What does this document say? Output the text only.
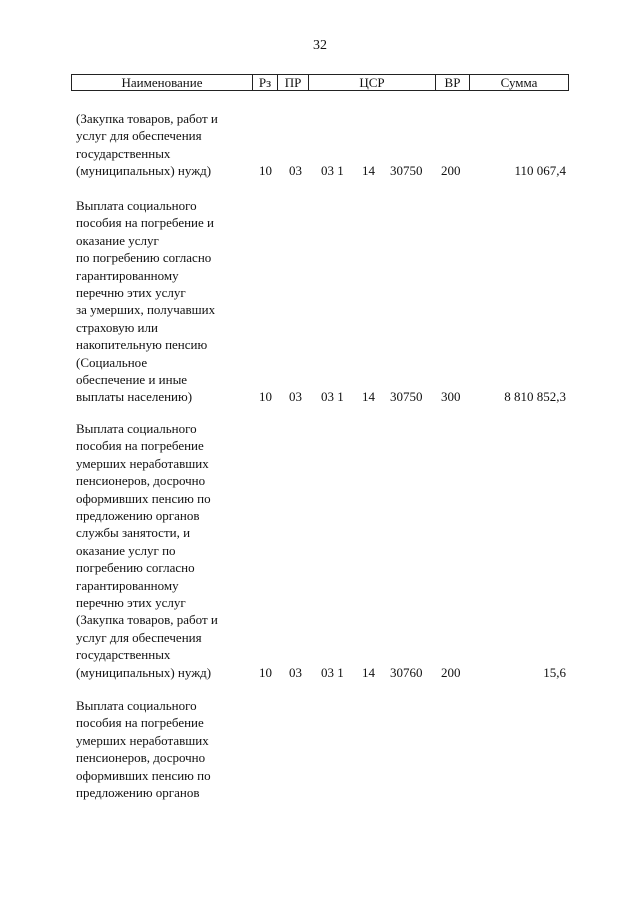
32
Наименование	Рз	ПР	ЦСР	ВР	Сумма
(Закупка товаров, работ и
услуг для обеспечения
государственных
(муниципальных) нужд)	10	03	03 1 14	30750	200	110 067,4
Выплата социального
пособия на погребение и
оказание услуг
по погребению согласно
гарантированному
перечню этих услуг
за умерших, получавших
страховую или
накопительную пенсию
(Социальное
обеспечение и иные
выплаты населению)	10	03	03 1 14	30750	300	8 810 852,3
Выплата социального
пособия на погребение
умерших неработавших
пенсионеров, досрочно
оформивших пенсию по
предложению органов
службы занятости, и
оказание услуг по
погребению согласно
гарантированному
перечню этих услуг
(Закупка товаров, работ и
услуг для обеспечения
государственных
(муниципальных) нужд)	10	03	03 1 14	30760	200	15,6
Выплата социального
пособия на погребение
умерших неработавших
пенсионеров, досрочно
оформивших пенсию по
предложению органов
